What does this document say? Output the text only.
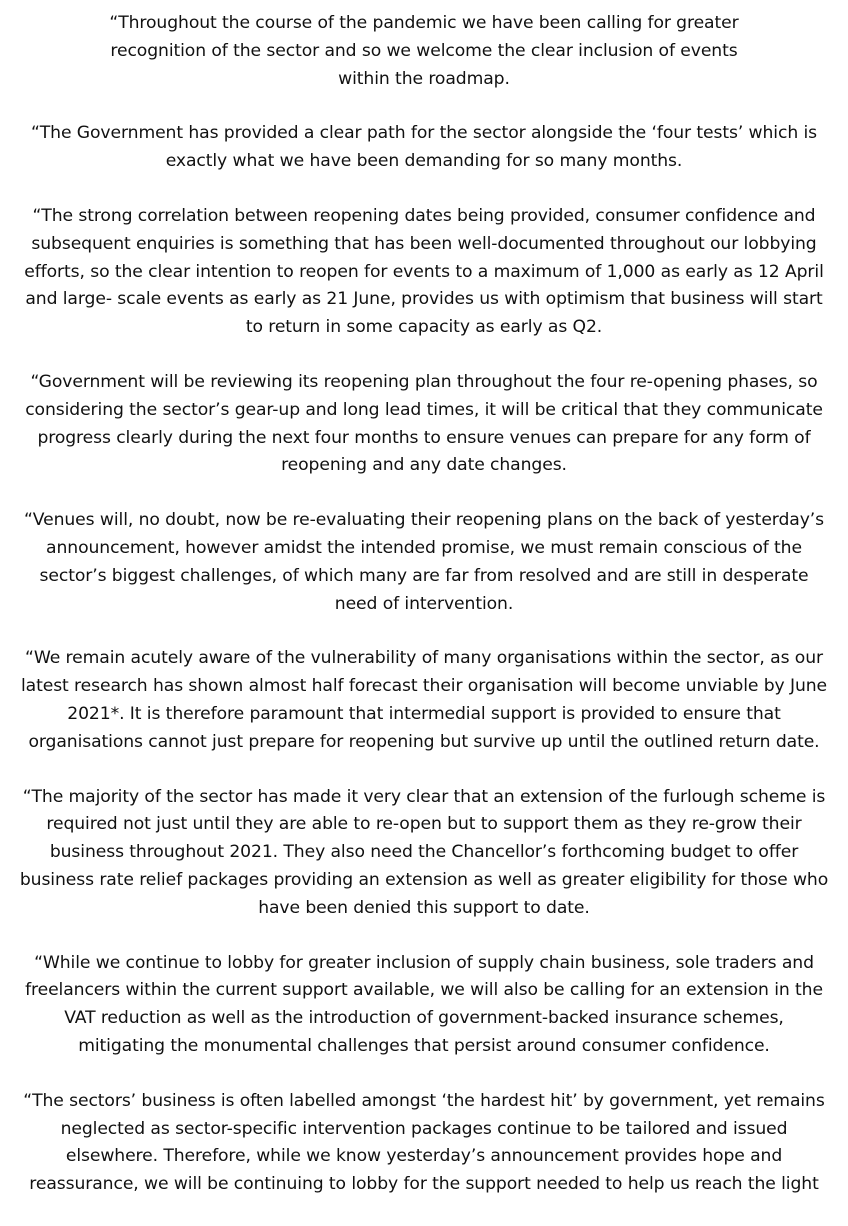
“Throughout the course of the pandemic we have been calling for greater
recognition of the sector and so we welcome the clear inclusion of events
within the roadmap.

“The Government has provided a clear path for the sector alongside the ‘four tests’ which is
exactly what we have been demanding for so many months.

“The strong correlation between reopening dates being provided, consumer confidence and
subsequent enquiries is something that has been well-documented throughout our lobbying
efforts, so the clear intention to reopen for events to a maximum of 1,000 as early as 12 April
and large- scale events as early as 21 June, provides us with optimism that business will start
to return in some capacity as early as Q2.

“Government will be reviewing its reopening plan throughout the four re-opening phases, so
considering the sector’s gear-up and long lead times, it will be critical that they communicate
progress clearly during the next four months to ensure venues can prepare for any form of
reopening and any date changes.

“Venues will, no doubt, now be re-evaluating their reopening plans on the back of yesterday’s
announcement, however amidst the intended promise, we must remain conscious of the
sector’s biggest challenges, of which many are far from resolved and are still in desperate
need of intervention.

“We remain acutely aware of the vulnerability of many organisations within the sector, as our
latest research has shown almost half forecast their organisation will become unviable by June
2021*. It is therefore paramount that intermedial support is provided to ensure that
organisations cannot just prepare for reopening but survive up until the outlined return date.

“The majority of the sector has made it very clear that an extension of the furlough scheme is
required not just until they are able to re-open but to support them as they re-grow their
business throughout 2021. They also need the Chancellor’s forthcoming budget to offer
business rate relief packages providing an extension as well as greater eligibility for those who
have been denied this support to date.

“While we continue to lobby for greater inclusion of supply chain business, sole traders and
freelancers within the current support available, we will also be calling for an extension in the
VAT reduction as well as the introduction of government-backed insurance schemes,
mitigating the monumental challenges that persist around consumer confidence.

“The sectors’ business is often labelled amongst ‘the hardest hit’ by government, yet remains
neglected as sector-specific intervention packages continue to be tailored and issued
elsewhere. Therefore, while we know yesterday’s announcement provides hope and
reassurance, we will be continuing to lobby for the support needed to help us reach the light
